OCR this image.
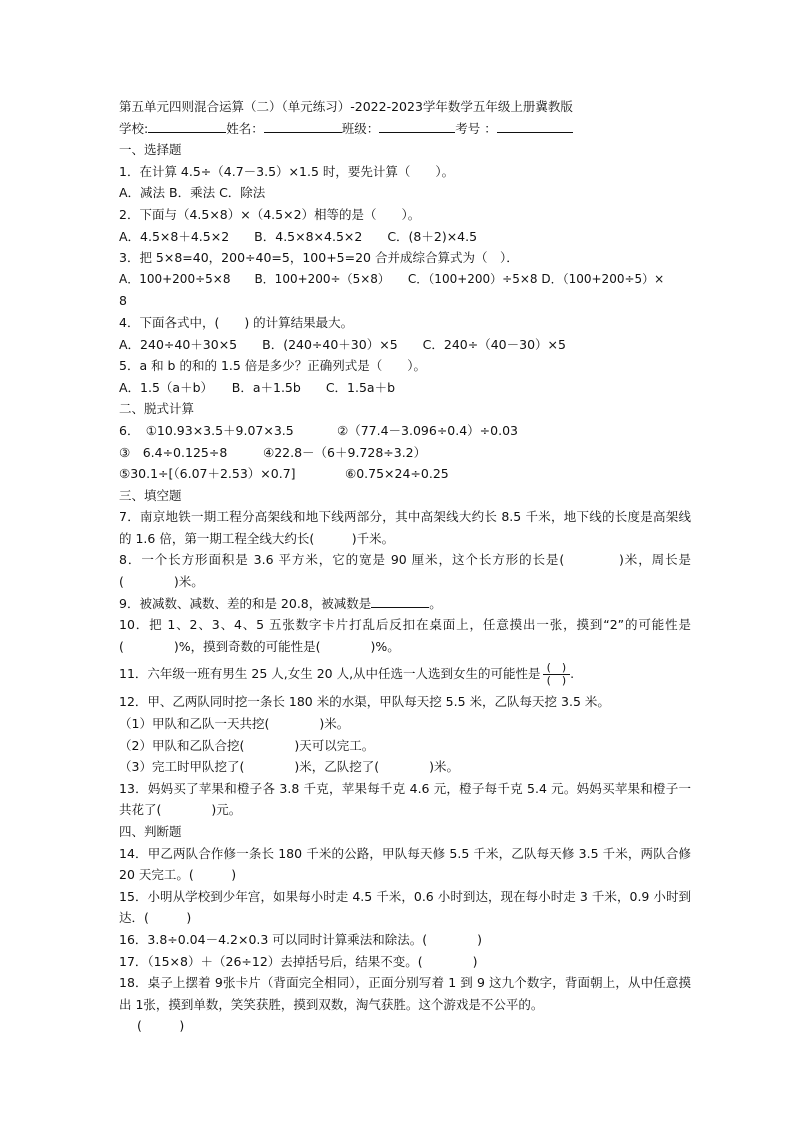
第五单元四则混合运算（二）（单元练习）-2022-2023学年数学五年级上册冀教版
学校:	姓名：	班级：	考号 ：
一、选择题
1．在计算 4.5÷（4.7－3.5）×1.5 时，要先计算（　　）。
A．减法 B．乘法 C．除法
2．下面与（4.5×8）×（4.5×2）相等的是（　　）。
A．4.5×8＋4.5×2　　B．4.5×8×4.5×2　　C．(8＋2)×4.5
3．把 5×8=40，200÷40=5，100+5=20 合并成综合算式为（　）．
A．100+200÷5×8　　B．100+200÷（5×8）　　C．（100+200）÷5×8 D．（100+200÷5）×
8
4．下面各式中，(　　) 的计算结果最大。
A．240÷40＋30×5　　B．(240÷40＋30）×5　　C．240÷（40－30）×5
5．a 和 b 的和的 1.5 倍是多少？正确列式是（　　）。
A．1.5（a＋b）　　B．a＋1.5b　　C．1.5a＋b
二、脱式计算
6．　①10.93×3.5＋9.07×3.5	②（77.4－3.096÷0.4）÷0.03
③　6.4÷0.125÷8	④22.8－（6＋9.728÷3.2）
⑤30.1÷[（6.07＋2.53）×0.7]	⑥0.75×24÷0.25
三、填空题
7．南京地铁一期工程分高架线和地下线两部分，其中高架线大约长 8.5 千米，地下线的长度是高架线的 1.6 倍，第一期工程全线大约长(　　　)千米。
8．一个长方形面积是 3.6 平方米，它的宽是 90 厘米，这个长方形的长是(　　　　)米，周长是(　　　　)米。
9．被减数、减数、差的和是 20.8，被减数是	。
10．把 1、2、3、4、5 五张数字卡片打乱后反扣在桌面上，任意摸出一张，摸到“2”的可能性是(　　　　)%，摸到奇数的可能性是(　　　　)%。
11．六年级一班有男生 25 人,女生 20 人,从中任选一人选到女生的可能性是 $\frac{( )}{( )}$ .
12．甲、乙两队同时挖一条长 180 米的水渠，甲队每天挖 5.5 米，乙队每天挖 3.5 米。
（1）甲队和乙队一天共挖(　　　　)米。
（2）甲队和乙队合挖(　　　　)天可以完工。
（3）完工时甲队挖了(　　　　)米，乙队挖了(　　　　)米。
13．妈妈买了苹果和橙子各 3.8 千克，苹果每千克 4.6 元，橙子每千克 5.4 元。妈妈买苹果和橙子一共花了(　　　　)元。
四、判断题
14．甲乙两队合作修一条长 180 千米的公路，甲队每天修 5.5 千米，乙队每天修 3.5 千米，两队合修 20 天完工。(　　　)
15．小明从学校到少年宫，如果每小时走 4.5 千米，0.6 小时到达，现在每小时走 3 千米，0.9 小时到达．(　　　)
16．3.8÷0.04－4.2×0.3 可以同时计算乘法和除法。(　　　　)
17．（15×8）＋（26÷12）去掉括号后，结果不变。(　　　　)
18．桌子上摆着 9张卡片（背面完全相同），正面分别写着 1 到 9 这九个数字，背面朝上，从中任意摸出 1张，摸到单数，笑笑获胜，摸到双数，淘气获胜。这个游戏是不公平的。
(　　　)
